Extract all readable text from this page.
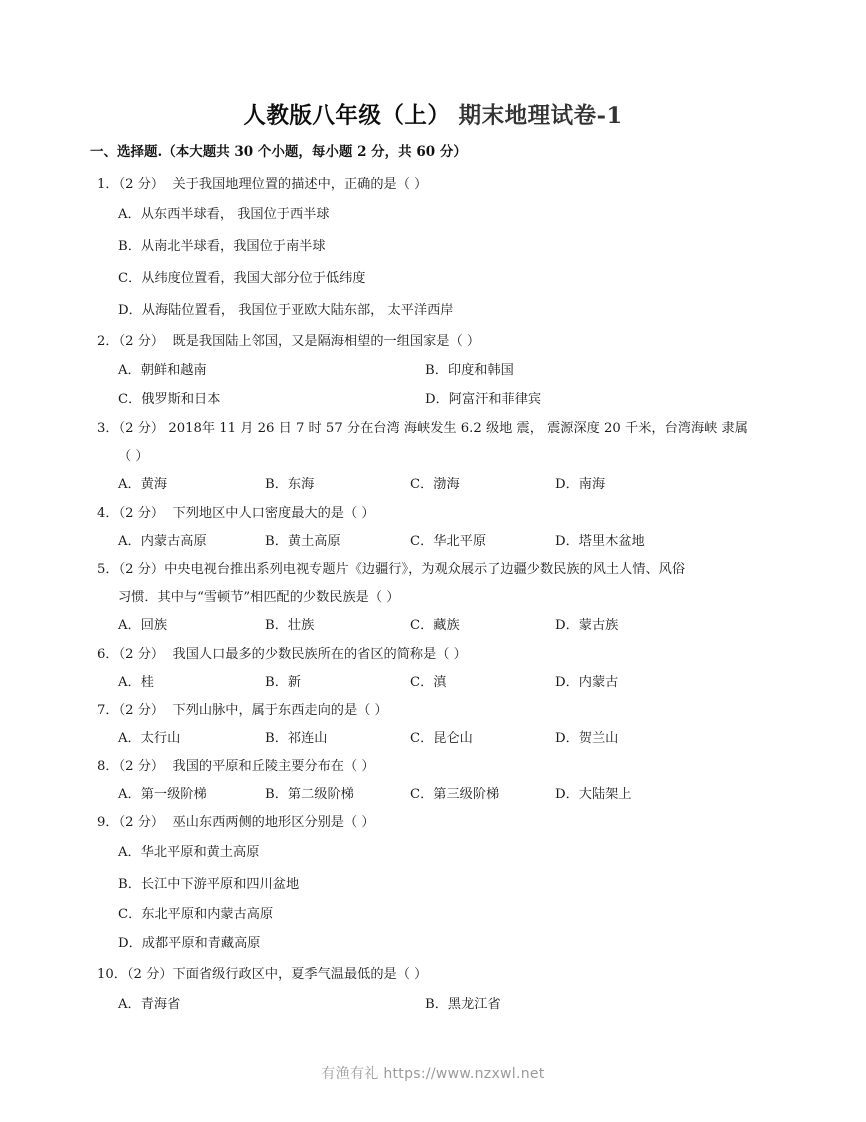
人教版八年级（上） 期末地理试卷-1
一、选择题.（本大题共 30 个小题，每小题 2 分，共 60 分）
1．（2 分） 关于我国地理位置的描述中，正确的是（ ）
A．从东西半球看， 我国位于西半球
B．从南北半球看，我国位于南半球
C．从纬度位置看，我国大部分位于低纬度
D．从海陆位置看， 我国位于亚欧大陆东部， 太平洋西岸
2．（2 分） 既是我国陆上邻国，又是隔海相望的一组国家是（ ）
A．朝鲜和越南	B．印度和韩国
C．俄罗斯和日本	D．阿富汗和菲律宾
3．（2 分） 2018年 11 月 26 日 7 时 57 分在台湾 海峡发生 6.2 级地 震， 震源深度 20 千米，台湾海峡 隶属
（ ）
A．黄海	B．东海	C．渤海	D．南海
4．（2 分） 下列地区中人口密度最大的是（ ）
A．内蒙古高原	B．黄土高原	C．华北平原	D．塔里木盆地
5．（2 分）中央电视台推出系列电视专题片《边疆行》，为观众展示了边疆少数民族的风土人情、风俗
习惯．其中与“雪顿节”相匹配的少数民族是（ ）
A．回族	B．壮族	C．藏族	D．蒙古族
6．（2 分） 我国人口最多的少数民族所在的省区的简称是（ ）
A．桂	B．新	C．滇	D．内蒙古
7．（2 分） 下列山脉中，属于东西走向的是（ ）
A．太行山	B．祁连山	C．昆仑山	D．贺兰山
8．（2 分） 我国的平原和丘陵主要分布在（ ）
A．第一级阶梯	B．第二级阶梯	C．第三级阶梯	D．大陆架上
9．（2 分） 巫山东西两侧的地形区分别是（ ）
A．华北平原和黄土高原
B．长江中下游平原和四川盆地
C．东北平原和内蒙古高原
D．成都平原和青藏高原
10．（2 分）下面省级行政区中，夏季气温最低的是（ ）
A．青海省	B．黑龙江省
有渔有礼 https://www.nzxwl.net
